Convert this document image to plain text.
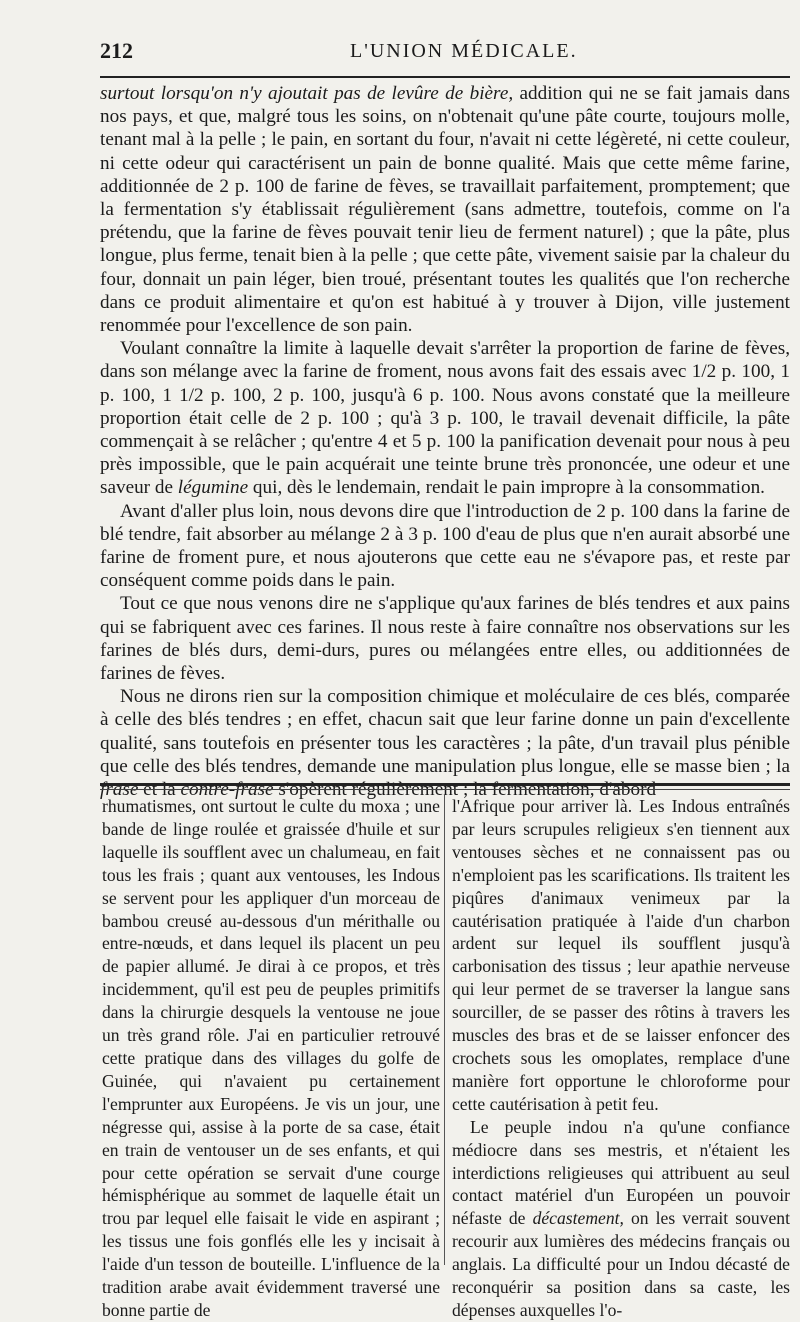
212	L'UNION MÉDICALE.

surtout lorsqu'on n'y ajoutait pas de levûre de bière, addition qui ne se fait jamais dans nos pays, et que, malgré tous les soins, on n'obtenait qu'une pâte courte, toujours molle, tenant mal à la pelle ; le pain, en sortant du four, n'avait ni cette légèreté, ni cette couleur, ni cette odeur qui caractérisent un pain de bonne qualité. Mais que cette même farine, additionnée de 2 p. 100 de farine de fèves, se travaillait parfaitement, promptement; que la fermentation s'y établissait régulièrement (sans admettre, toutefois, comme on l'a prétendu, que la farine de fèves pouvait tenir lieu de ferment naturel) ; que la pâte, plus longue, plus ferme, tenait bien à la pelle ; que cette pâte, vivement saisie par la chaleur du four, donnait un pain léger, bien troué, présentant toutes les qualités que l'on recherche dans ce produit alimentaire et qu'on est habitué à y trouver à Dijon, ville justement renommée pour l'excellence de son pain.

Voulant connaître la limite à laquelle devait s'arrêter la proportion de farine de fèves, dans son mélange avec la farine de froment, nous avons fait des essais avec 1/2 p. 100, 1 p. 100, 1 1/2 p. 100, 2 p. 100, jusqu'à 6 p. 100. Nous avons constaté que la meilleure proportion était celle de 2 p. 100 ; qu'à 3 p. 100, le travail devenait difficile, la pâte commençait à se relâcher ; qu'entre 4 et 5 p. 100 la panification devenait pour nous à peu près impossible, que le pain acquérait une teinte brune très prononcée, une odeur et une saveur de légumine qui, dès le lendemain, rendait le pain impropre à la consommation.

Avant d'aller plus loin, nous devons dire que l'introduction de 2 p. 100 dans la farine de blé tendre, fait absorber au mélange 2 à 3 p. 100 d'eau de plus que n'en aurait absorbé une farine de froment pure, et nous ajouterons que cette eau ne s'évapore pas, et reste par conséquent comme poids dans le pain.

Tout ce que nous venons dire ne s'applique qu'aux farines de blés tendres et aux pains qui se fabriquent avec ces farines. Il nous reste à faire connaître nos observations sur les farines de blés durs, demi-durs, pures ou mélangées entre elles, ou additionnées de farines de fèves.

Nous ne dirons rien sur la composition chimique et moléculaire de ces blés, comparée à celle des blés tendres ; en effet, chacun sait que leur farine donne un pain d'excellente qualité, sans toutefois en présenter tous les caractères ; la pâte, d'un travail plus pénible que celle des blés tendres, demande une manipulation plus longue, elle se masse bien ; la frase et la contre-frase s'opèrent régulièrement ; la fermentation, d'abord

rhumatismes, ont surtout le culte du moxa ; une bande de linge roulée et graissée d'huile et sur laquelle ils soufflent avec un chalumeau, en fait tous les frais ; quant aux ventouses, les Indous se servent pour les appliquer d'un morceau de bambou creusé au-dessous d'un mérithalle ou entre-nœuds, et dans lequel ils placent un peu de papier allumé. Je dirai à ce propos, et très incidemment, qu'il est peu de peuples primitifs dans la chirurgie desquels la ventouse ne joue un très grand rôle. J'ai en particulier retrouvé cette pratique dans des villages du golfe de Guinée, qui n'avaient pu certainement l'emprunter aux Européens. Je vis un jour, une négresse qui, assise à la porte de sa case, était en train de ventouser un de ses enfants, et qui pour cette opération se servait d'une courge hémisphérique au sommet de laquelle était un trou par lequel elle faisait le vide en aspirant ; les tissus une fois gonflés elle les y incisait à l'aide d'un tesson de bouteille. L'influence de la tradition arabe avait évidemment traversé une bonne partie de

l'Afrique pour arriver là. Les Indous entraînés par leurs scrupules religieux s'en tiennent aux ventouses sèches et ne connaissent pas ou n'emploient pas les scarifications. Ils traitent les piqûres d'animaux venimeux par la cautérisation pratiquée à l'aide d'un charbon ardent sur lequel ils soufflent jusqu'à carbonisation des tissus ; leur apathie nerveuse qui leur permet de se traverser la langue sans sourciller, de se passer des rôtins à travers les muscles des bras et de se laisser enfoncer des crochets sous les omoplates, remplace d'une manière fort opportune le chloroforme pour cette cautérisation à petit feu.

Le peuple indou n'a qu'une confiance médiocre dans ses mestris, et n'étaient les interdictions religieuses qui attribuent au seul contact matériel d'un Européen un pouvoir néfaste de décastement, on les verrait souvent recourir aux lumières des médecins français ou anglais. La difficulté pour un Indou décasté de reconquérir sa position dans sa caste, les dépenses auxquelles l'o-
